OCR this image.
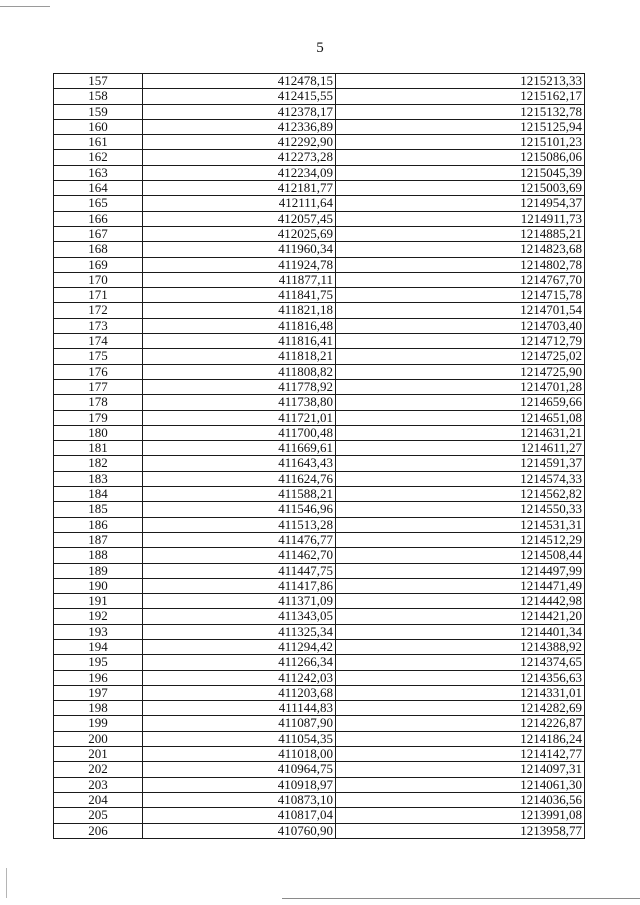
5
157	412478,15	1215213,33
158	412415,55	1215162,17
159	412378,17	1215132,78
160	412336,89	1215125,94
161	412292,90	1215101,23
162	412273,28	1215086,06
163	412234,09	1215045,39
164	412181,77	1215003,69
165	412111,64	1214954,37
166	412057,45	1214911,73
167	412025,69	1214885,21
168	411960,34	1214823,68
169	411924,78	1214802,78
170	411877,11	1214767,70
171	411841,75	1214715,78
172	411821,18	1214701,54
173	411816,48	1214703,40
174	411816,41	1214712,79
175	411818,21	1214725,02
176	411808,82	1214725,90
177	411778,92	1214701,28
178	411738,80	1214659,66
179	411721,01	1214651,08
180	411700,48	1214631,21
181	411669,61	1214611,27
182	411643,43	1214591,37
183	411624,76	1214574,33
184	411588,21	1214562,82
185	411546,96	1214550,33
186	411513,28	1214531,31
187	411476,77	1214512,29
188	411462,70	1214508,44
189	411447,75	1214497,99
190	411417,86	1214471,49
191	411371,09	1214442,98
192	411343,05	1214421,20
193	411325,34	1214401,34
194	411294,42	1214388,92
195	411266,34	1214374,65
196	411242,03	1214356,63
197	411203,68	1214331,01
198	411144,83	1214282,69
199	411087,90	1214226,87
200	411054,35	1214186,24
201	411018,00	1214142,77
202	410964,75	1214097,31
203	410918,97	1214061,30
204	410873,10	1214036,56
205	410817,04	1213991,08
206	410760,90	1213958,77
